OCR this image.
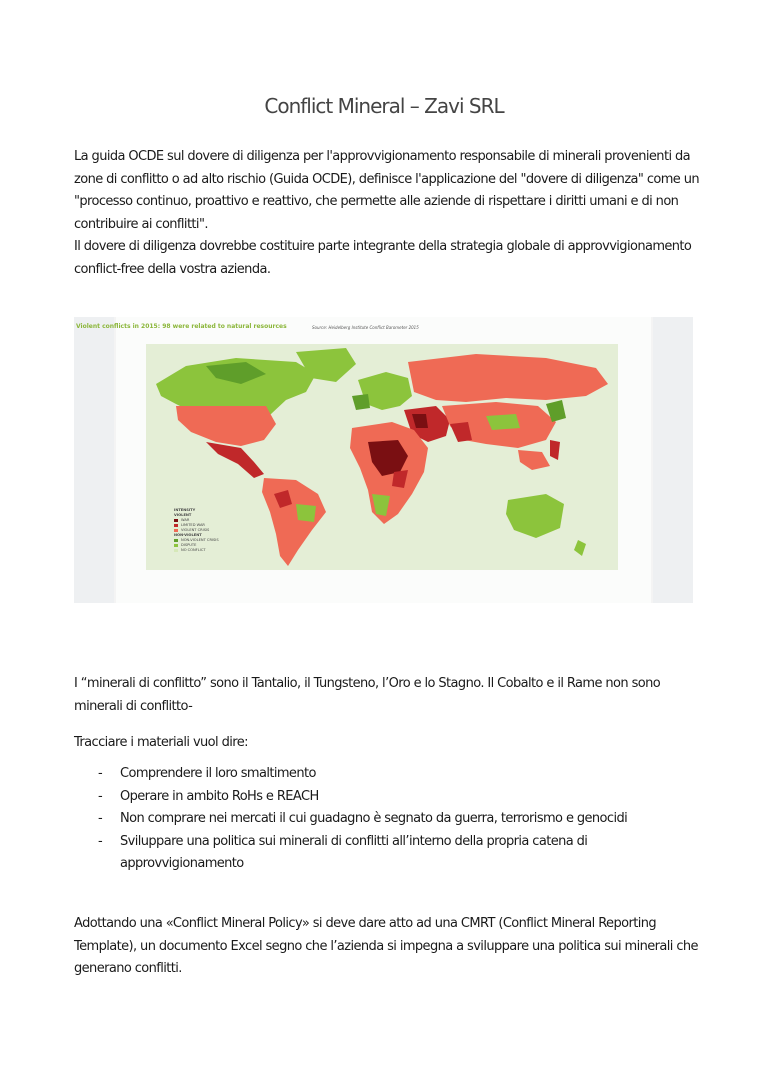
Conflict Mineral – Zavi SRL
La guida OCDE sul dovere di diligenza per l'approvvigionamento responsabile di minerali provenienti da zone di conflitto o ad alto rischio (Guida OCDE), definisce l'applicazione del "dovere di diligenza" come un "processo continuo, proattivo e reattivo, che permette alle aziende di rispettare i diritti umani e di non contribuire ai conflitti".
Il dovere di diligenza dovrebbe costituire parte integrante della strategia globale di approvvigionamento conflict-free della vostra azienda.
Violent conflicts in 2015: 98 were related to natural resources	Source: Heidelberg Institute Conflict Barometer 2015
INTENSITY
VIOLENT
WAR
LIMITED WAR
VIOLENT CRISIS
NON-VIOLENT
NON-VIOLENT CRISIS
DISPUTE
NO CONFLICT

I “minerali di conflitto” sono il Tantalio, il Tungsteno, l’Oro e lo Stagno. Il Cobalto e il Rame non sono minerali di conflitto-

Tracciare i materiali vuol dire:

- Comprendere il loro smaltimento
- Operare in ambito RoHs e REACH
- Non comprare nei mercati il cui guadagno è segnato da guerra, terrorismo e genocidi
- Sviluppare una politica sui minerali di conflitti all’interno della propria catena di approvvigionamento

Adottando una «Conflict Mineral Policy» si deve dare atto ad una CMRT (Conflict Mineral Reporting Template), un documento Excel segno che l’azienda si impegna a sviluppare una politica sui minerali che generano conflitti.
